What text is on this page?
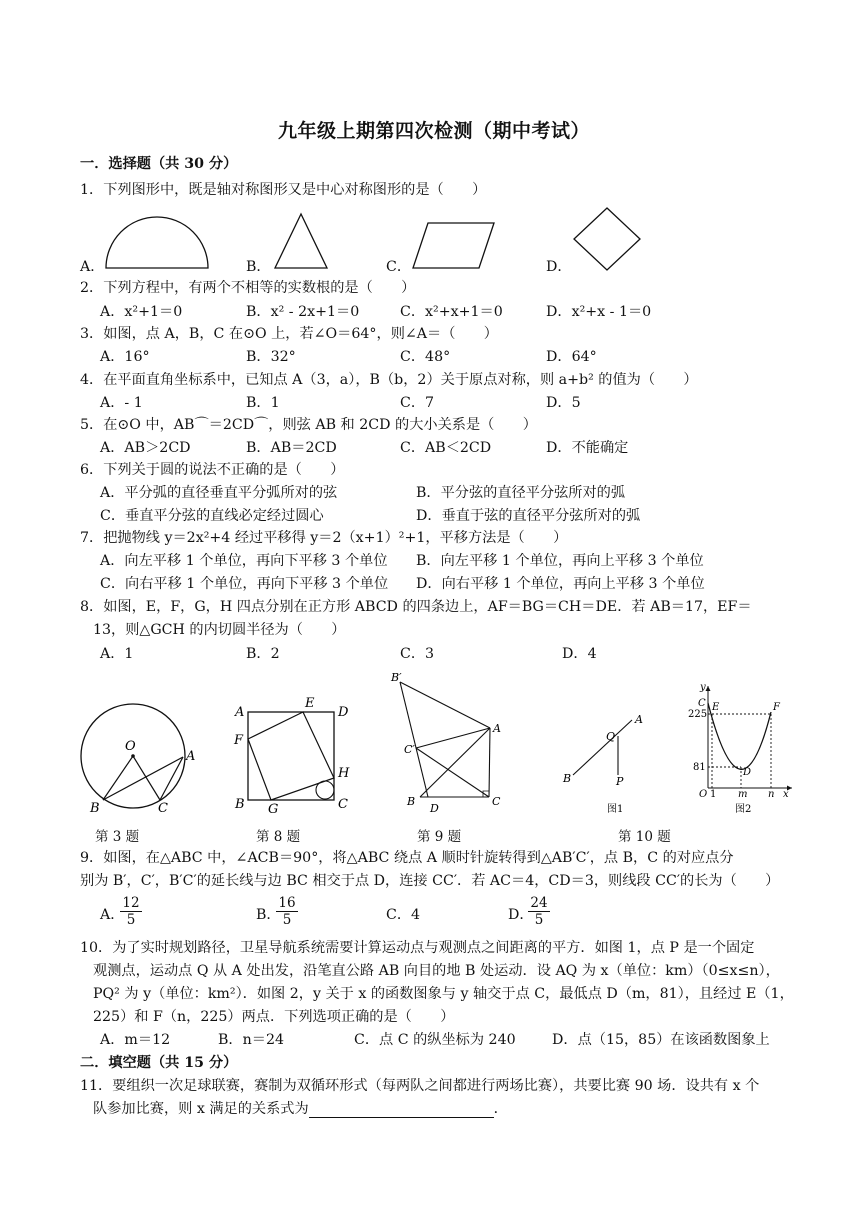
九年级上期第四次检测（期中考试）
一．选择题（共 30 分）
1．下列图形中，既是轴对称图形又是中心对称图形的是（　　）
A．	B．	C．	D．
2．下列方程中，有两个不相等的实数根的是（　　）
A．x²+1＝0	B．x² - 2x+1＝0	C．x²+x+1＝0	D．x²+x - 1＝0
3．如图，点 A，B，C 在⊙O 上，若∠O＝64°，则∠A＝（　　）
A．16°	B．32°	C．48°	D．64°
4．在平面直角坐标系中，已知点 A（3，a），B（b，2）关于原点对称，则 a+b² 的值为（　　）
A．- 1	B．1	C．7	D．5
5．在⊙O 中，AB⌒＝2CD⌒，则弦 AB 和 2CD 的大小关系是（　　）
A．AB＞2CD	B．AB＝2CD	C．AB＜2CD	D．不能确定
6．下列关于圆的说法不正确的是（　　）
A．平分弧的直径垂直平分弧所对的弦	B．平分弦的直径平分弦所对的弧
C．垂直平分弦的直线必定经过圆心	D．垂直于弦的直径平分弦所对的弧
7．把抛物线 y＝2x²+4 经过平移得 y＝2（x+1）²+1，平移方法是（　　）
A．向左平移 1 个单位，再向下平移 3 个单位 B．向左平移 1 个单位，再向上平移 3 个单位
C．向右平移 1 个单位，再向下平移 3 个单位 D．向右平移 1 个单位，再向上平移 3 个单位
8．如图，E，F，G，H 四点分别在正方形 ABCD 的四条边上，AF＝BG＝CH＝DE．若 AB＝17，EF＝
13，则△GCH 的内切圆半径为（　　）
A．1	B．2	C．3	D．4
O
A
B	C
A
E
D
F
H
B G	C
B′
A
C′
B
D
C
A
Q
B	P
图1
y
C E	F
225
81	D
O 1 m n x
图2
第 3 题	第 8 题	第 9 题	第 10 题
9．如图，在△ABC 中，∠ACB＝90°，将△ABC 绕点 A 顺时针旋转得到△AB′C′，点 B，C 的对应点分
别为 B′，C′，B′C′的延长线与边 BC 相交于点 D，连接 CC′．若 AC＝4，CD＝3，则线段 CC′的长为（　　）
A．
$\frac{12}{5}$	B．
$\frac{16}{5}$	C．4	D．
$\frac{24}{5}$
10．为了实时规划路径，卫星导航系统需要计算运动点与观测点之间距离的平方．如图 1，点 P 是一个固定
观测点，运动点 Q 从 A 处出发，沿笔直公路 AB 向目的地 B 处运动．设 AQ 为 x（单位：km）（0≤x≤n），
PQ² 为 y（单位：km²）．如图 2，y 关于 x 的函数图象与 y 轴交于点 C，最低点 D（m，81），且经过 E（1，
225）和 F（n，225）两点．下列选项正确的是（　　）
A．m＝12	B．n＝24	C．点 C 的纵坐标为 240	D．点（15，85）在该函数图象上
二．填空题（共 15 分）
11．要组织一次足球联赛，赛制为双循环形式（每两队之间都进行两场比赛），共要比赛 90 场．设共有 x 个
队参加比赛，则 x 满足的关系式为	．
